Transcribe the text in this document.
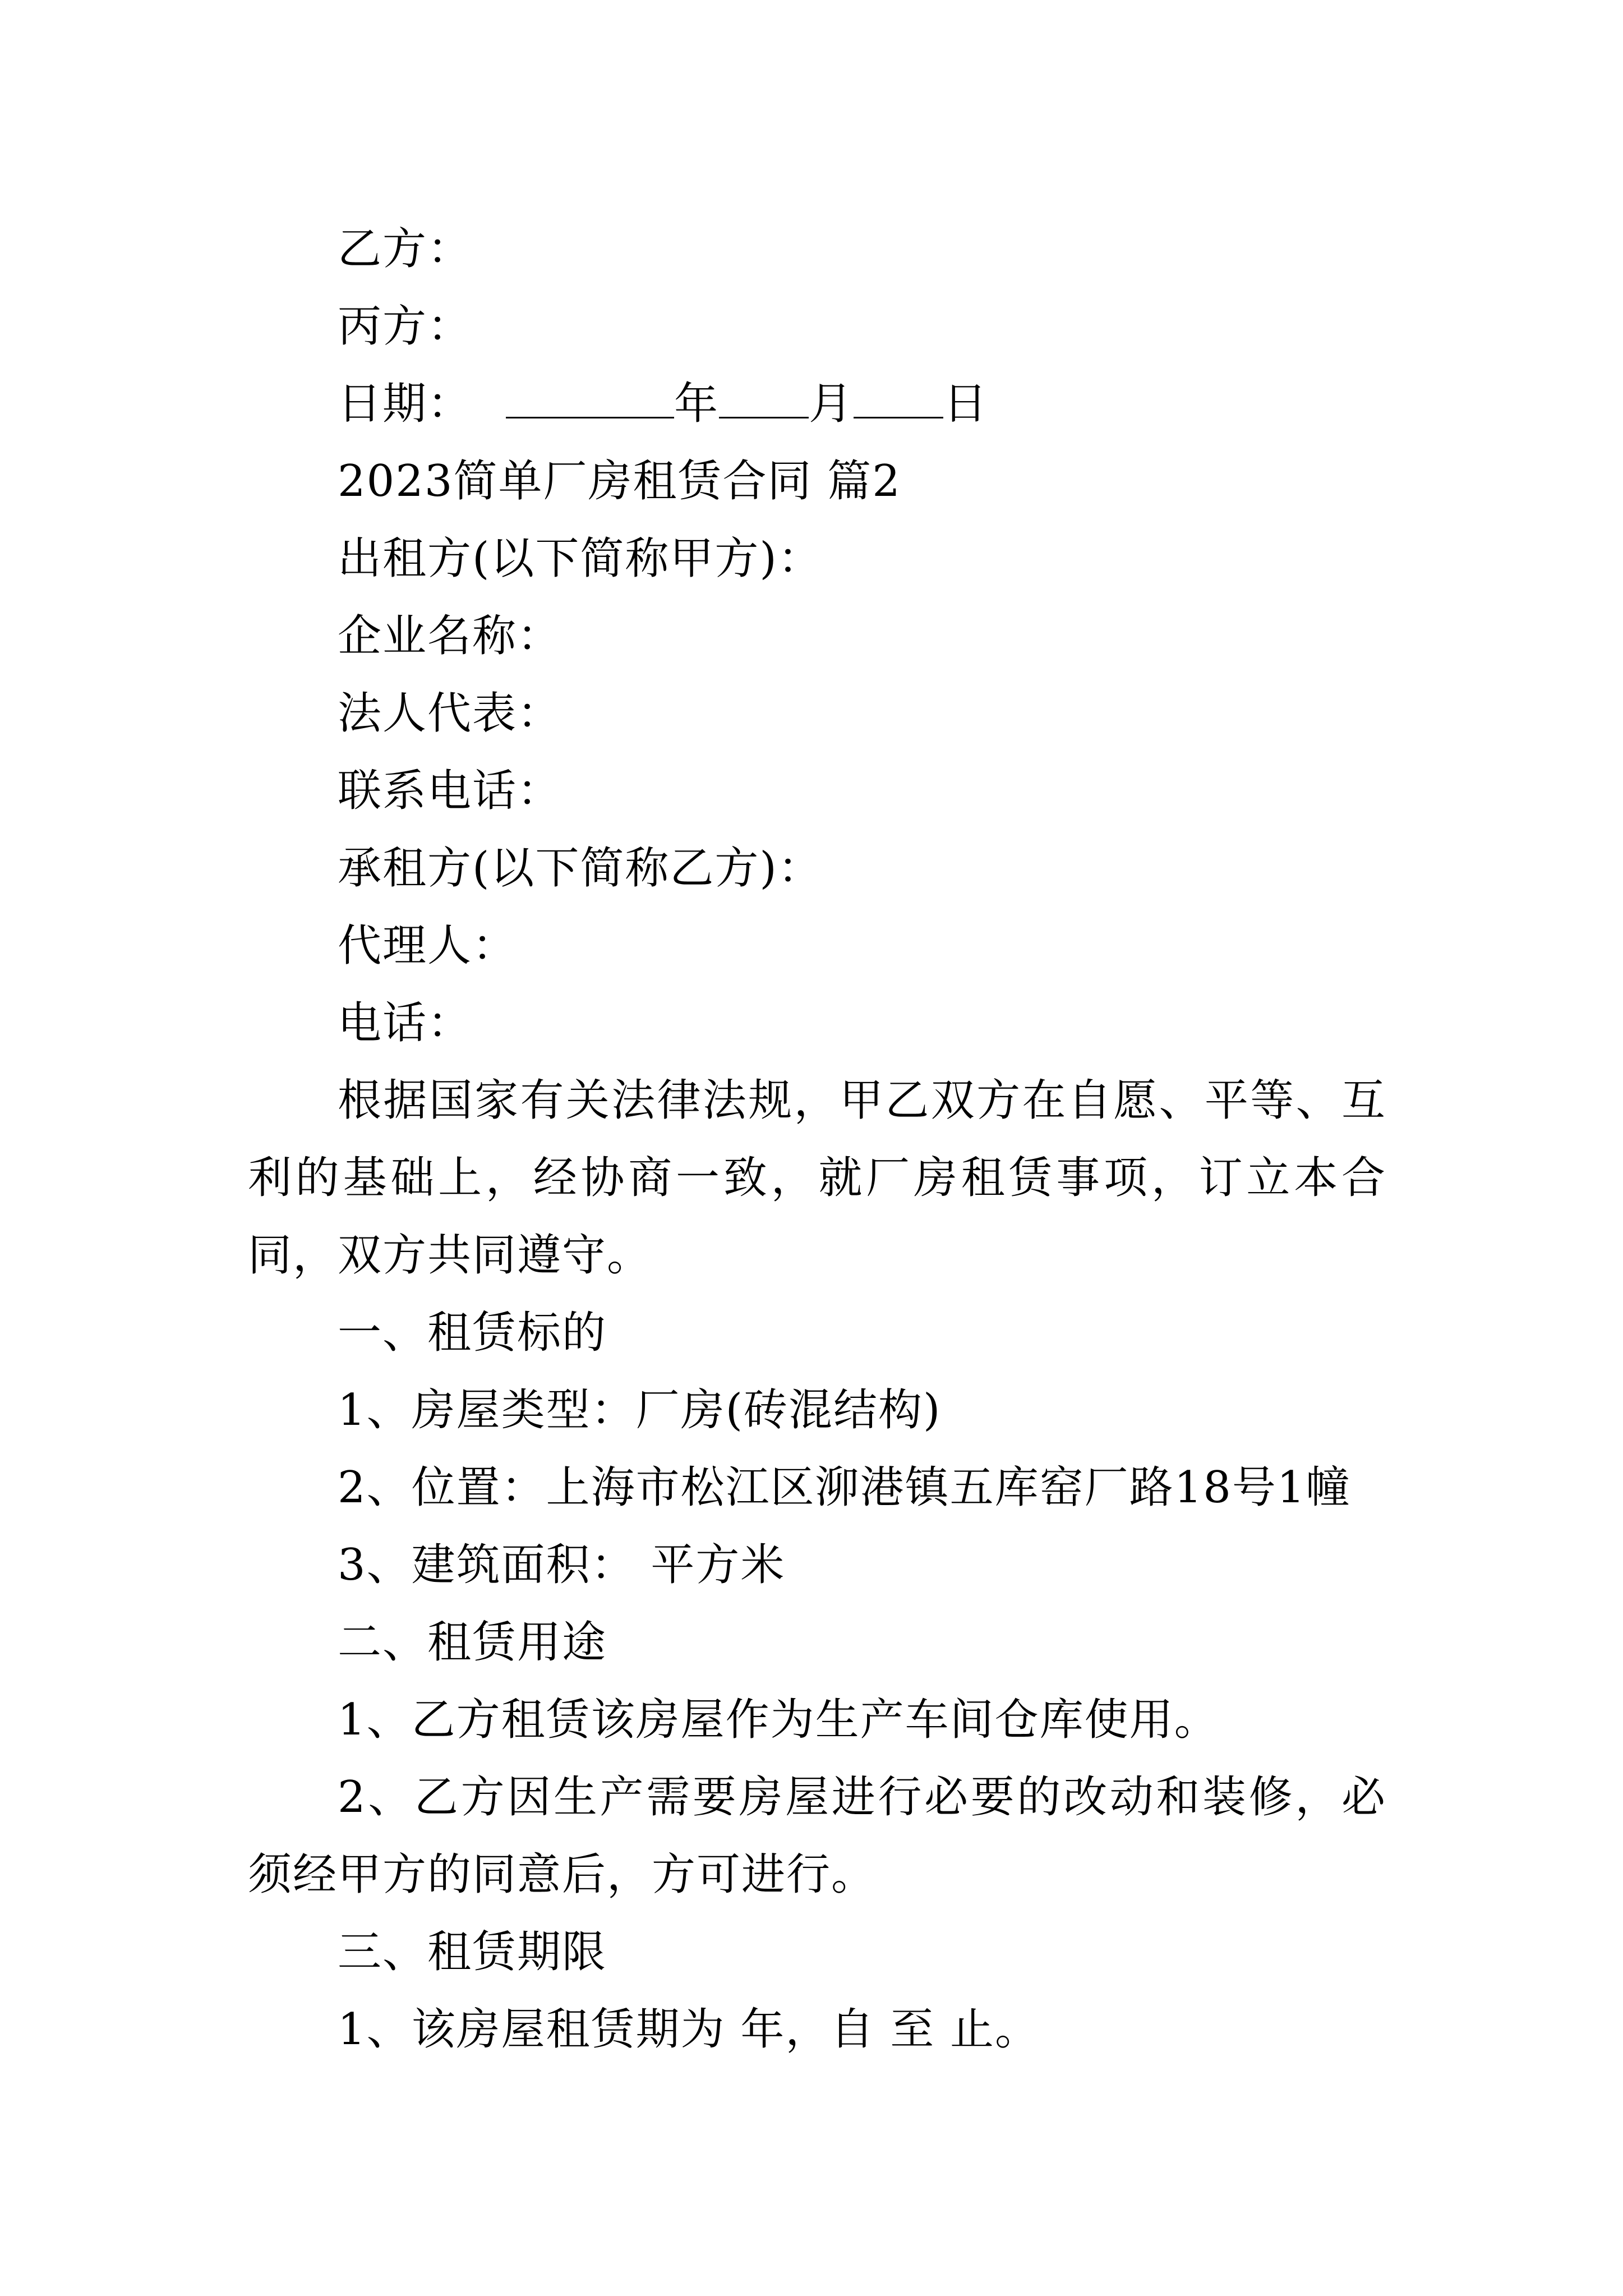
乙方：
丙方：
日期：	年 月 日
2023简单厂房租赁合同 篇2
出租方(以下简称甲方)：
企业名称：
法人代表：
联系电话：
承租方(以下简称乙方)：
代理人：
电话：
根据国家有关法律法规，甲乙双方在自愿、平等、互利的基础上，经协商一致，就厂房租赁事项，订立本合同，双方共同遵守。
一、租赁标的
1、房屋类型：厂房(砖混结构)
2、位置：上海市松江区泖港镇五库窑厂路18号1幢
3、建筑面积： 平方米
二、租赁用途
1、乙方租赁该房屋作为生产车间仓库使用。
2、乙方因生产需要房屋进行必要的改动和装修，必须经甲方的同意后，方可进行。
三、租赁期限
1、该房屋租赁期为 年，自 至 止。
